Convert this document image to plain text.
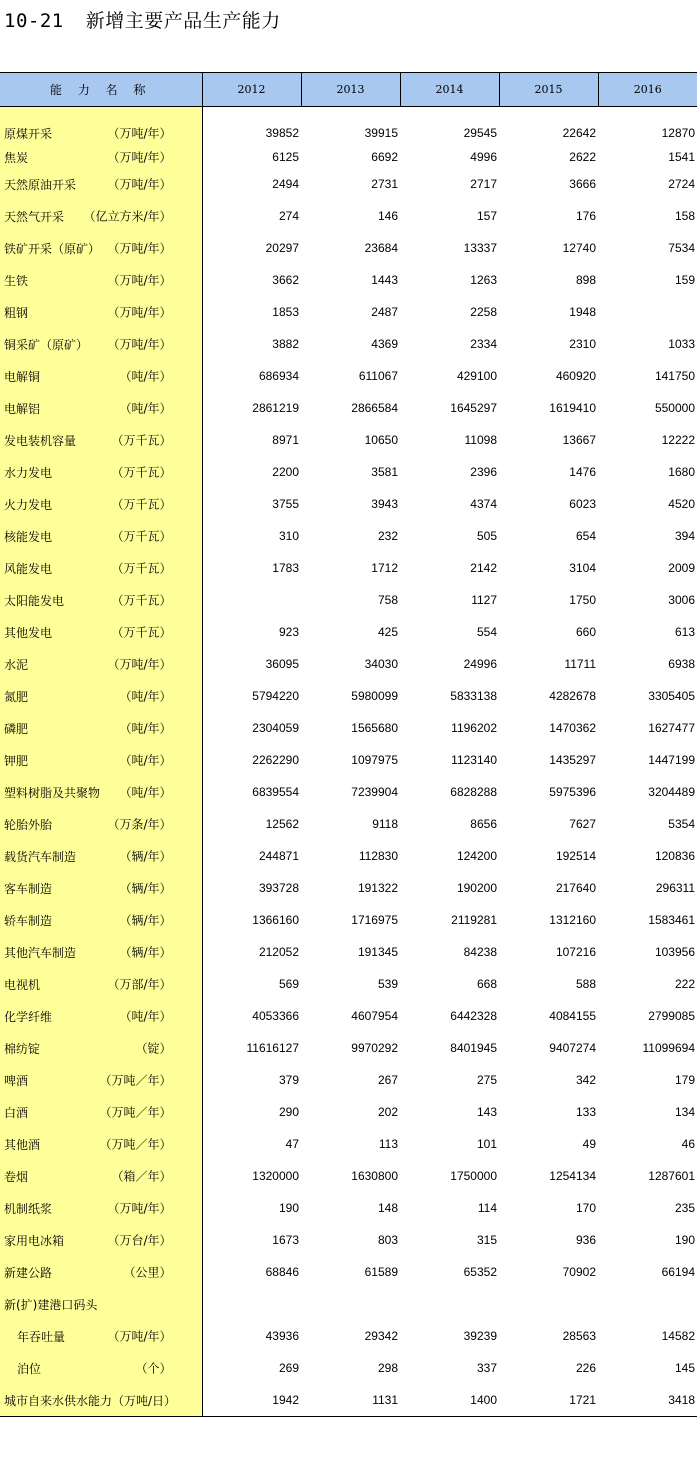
10-21 新增主要产品生产能力
能 力 名 称	2012	2013	2014	2015	2016

原煤开采 （万吨/年）	39852	39915	29545	22642	12870
焦炭 （万吨/年）	6125	6692	4996	2622	1541
天然原油开采 （万吨/年）	2494	2731	2717	3666	2724
天然气开采 （亿立方米/年）	274	146	157	176	158
铁矿开采（原矿） （万吨/年）	20297	23684	13337	12740	7534
生铁 （万吨/年）	3662	1443	1263	898	159
粗钢 （万吨/年）	1853	2487	2258	1948	
铜采矿（原矿） （万吨/年）	3882	4369	2334	2310	1033
电解铜 （吨/年）	686934	611067	429100	460920	141750
电解铝 （吨/年）	2861219	2866584	1645297	1619410	550000
发电装机容量 （万千瓦）	8971	10650	11098	13667	12222
水力发电 （万千瓦）	2200	3581	2396	1476	1680
火力发电 （万千瓦）	3755	3943	4374	6023	4520
核能发电 （万千瓦）	310	232	505	654	394
风能发电 （万千瓦）	1783	1712	2142	3104	2009
太阳能发电 （万千瓦）		758	1127	1750	3006
其他发电 （万千瓦）	923	425	554	660	613
水泥 （万吨/年）	36095	34030	24996	11711	6938
氮肥 （吨/年）	5794220	5980099	5833138	4282678	3305405
磷肥 （吨/年）	2304059	1565680	1196202	1470362	1627477
钾肥 （吨/年）	2262290	1097975	1123140	1435297	1447199
塑料树脂及共聚物 （吨/年）	6839554	7239904	6828288	5975396	3204489
轮胎外胎 （万条/年）	12562	9118	8656	7627	5354
载货汽车制造 （辆/年）	244871	112830	124200	192514	120836
客车制造 （辆/年）	393728	191322	190200	217640	296311
轿车制造 （辆/年）	1366160	1716975	2119281	1312160	1583461
其他汽车制造 （辆/年）	212052	191345	84238	107216	103956
电视机 （万部/年）	569	539	668	588	222
化学纤维 （吨/年）	4053366	4607954	6442328	4084155	2799085
棉纺锭 （锭）	11616127	9970292	8401945	9407274	11099694
啤酒 （万吨／年）	379	267	275	342	179
白酒 （万吨／年）	290	202	143	133	134
其他酒 （万吨／年）	47	113	101	49	46
卷烟 （箱／年）	1320000	1630800	1750000	1254134	1287601
机制纸浆 （万吨/年）	190	148	114	170	235
家用电冰箱 （万台/年）	1673	803	315	936	190
新建公路 （公里）	68846	61589	65352	70902	66194
新(扩)建港口码头					
年吞吐量 （万吨/年）	43936	29342	39239	28563	14582
泊位 （个）	269	298	337	226	145
城市自来水供水能力（万吨/日）	1942	1131	1400	1721	3418
